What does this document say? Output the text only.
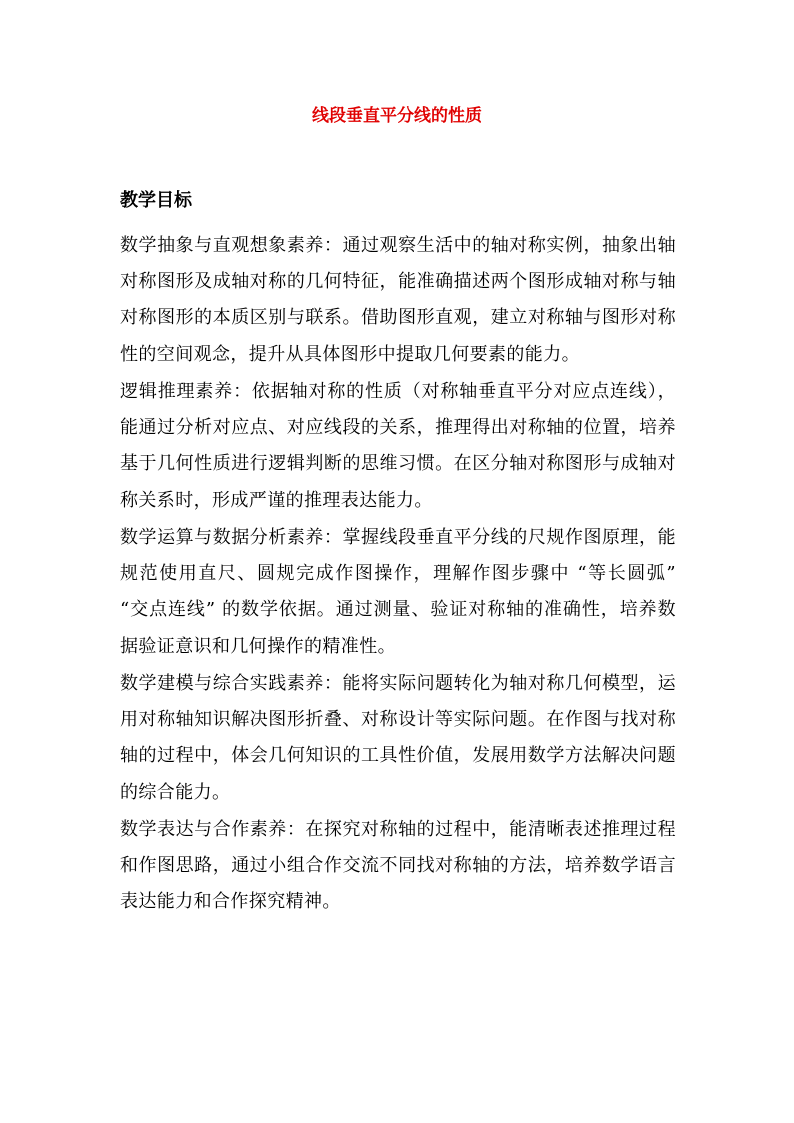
线段垂直平分线的性质
教学目标

数学抽象与直观想象素养：通过观察生活中的轴对称实例，抽象出轴对称图形及成轴对称的几何特征，能准确描述两个图形成轴对称与轴对称图形的本质区别与联系。借助图形直观，建立对称轴与图形对称性的空间观念，提升从具体图形中提取几何要素的能力。

逻辑推理素养：依据轴对称的性质（对称轴垂直平分对应点连线），能通过分析对应点、对应线段的关系，推理得出对称轴的位置，培养基于几何性质进行逻辑判断的思维习惯。在区分轴对称图形与成轴对称关系时，形成严谨的推理表达能力。

数学运算与数据分析素养：掌握线段垂直平分线的尺规作图原理，能规范使用直尺、圆规完成作图操作，理解作图步骤中 “等长圆弧” “交点连线” 的数学依据。通过测量、验证对称轴的准确性，培养数据验证意识和几何操作的精准性。

数学建模与综合实践素养：能将实际问题转化为轴对称几何模型，运用对称轴知识解决图形折叠、对称设计等实际问题。在作图与找对称轴的过程中，体会几何知识的工具性价值，发展用数学方法解决问题的综合能力。

数学表达与合作素养：在探究对称轴的过程中，能清晰表述推理过程和作图思路，通过小组合作交流不同找对称轴的方法，培养数学语言表达能力和合作探究精神。
